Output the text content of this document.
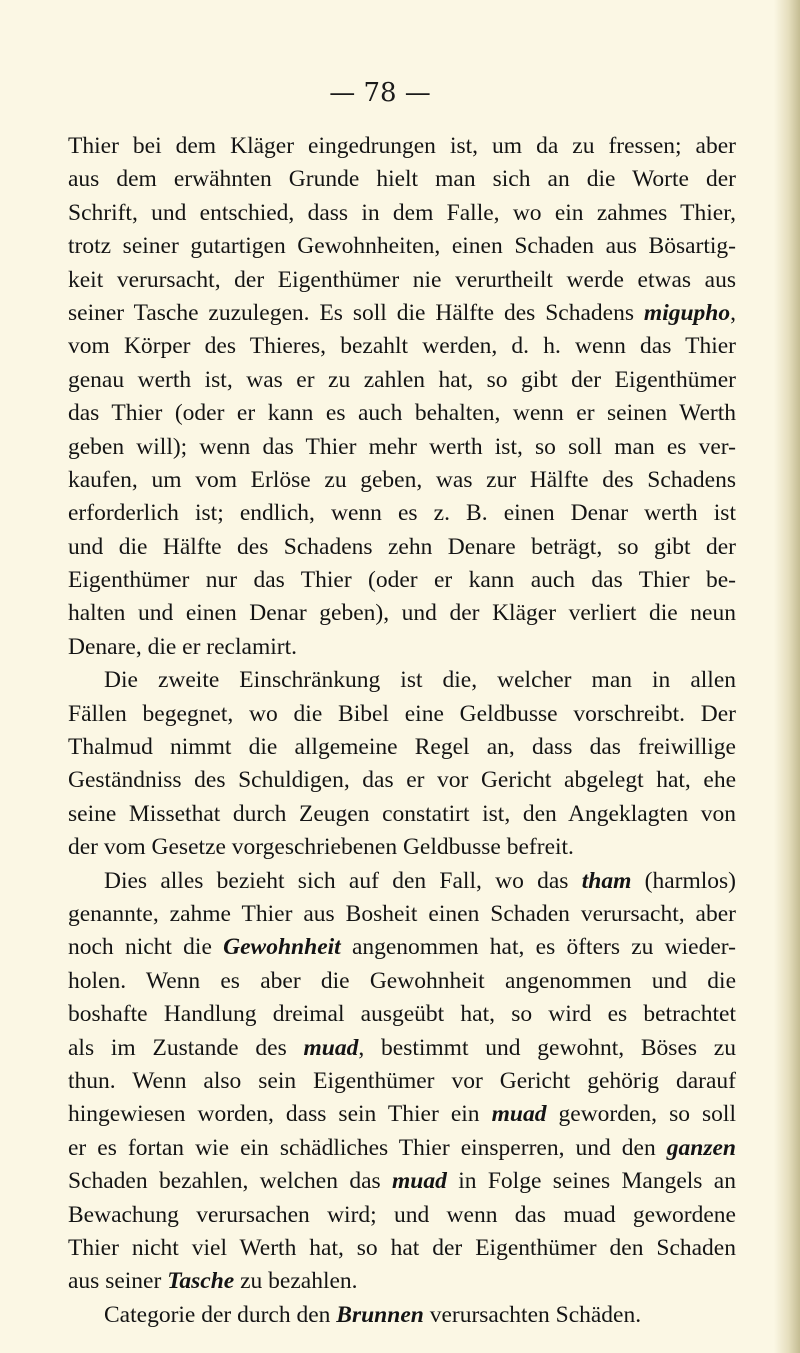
— 78 —
Thier bei dem Kläger eingedrungen ist, um da zu fressen; aber
aus dem erwähnten Grunde hielt man sich an die Worte der
Schrift, und entschied, dass in dem Falle, wo ein zahmes Thier,
trotz seiner gutartigen Gewohnheiten, einen Schaden aus Bösartig-
keit verursacht, der Eigenthümer nie verurtheilt werde etwas aus
seiner Tasche zuzulegen. Es soll die Hälfte des Schadens migupho,
vom Körper des Thieres, bezahlt werden, d. h. wenn das Thier
genau werth ist, was er zu zahlen hat, so gibt der Eigenthümer
das Thier (oder er kann es auch behalten, wenn er seinen Werth
geben will); wenn das Thier mehr werth ist, so soll man es ver-
kaufen, um vom Erlöse zu geben, was zur Hälfte des Schadens
erforderlich ist; endlich, wenn es z. B. einen Denar werth ist
und die Hälfte des Schadens zehn Denare beträgt, so gibt der
Eigenthümer nur das Thier (oder er kann auch das Thier be-
halten und einen Denar geben), und der Kläger verliert die neun
Denare, die er reclamirt.
Die zweite Einschränkung ist die, welcher man in allen
Fällen begegnet, wo die Bibel eine Geldbusse vorschreibt. Der
Thalmud nimmt die allgemeine Regel an, dass das freiwillige
Geständniss des Schuldigen, das er vor Gericht abgelegt hat, ehe
seine Missethat durch Zeugen constatirt ist, den Angeklagten von
der vom Gesetze vorgeschriebenen Geldbusse befreit.
Dies alles bezieht sich auf den Fall, wo das tham (harmlos)
genannte, zahme Thier aus Bosheit einen Schaden verursacht, aber
noch nicht die Gewohnheit angenommen hat, es öfters zu wieder-
holen. Wenn es aber die Gewohnheit angenommen und die
boshafte Handlung dreimal ausgeübt hat, so wird es betrachtet
als im Zustande des muad, bestimmt und gewohnt, Böses zu
thun. Wenn also sein Eigenthümer vor Gericht gehörig darauf
hingewiesen worden, dass sein Thier ein muad geworden, so soll
er es fortan wie ein schädliches Thier einsperren, und den ganzen
Schaden bezahlen, welchen das muad in Folge seines Mangels an
Bewachung verursachen wird; und wenn das muad gewordene
Thier nicht viel Werth hat, so hat der Eigenthümer den Schaden
aus seiner Tasche zu bezahlen.
Categorie der durch den Brunnen verursachten Schäden.
